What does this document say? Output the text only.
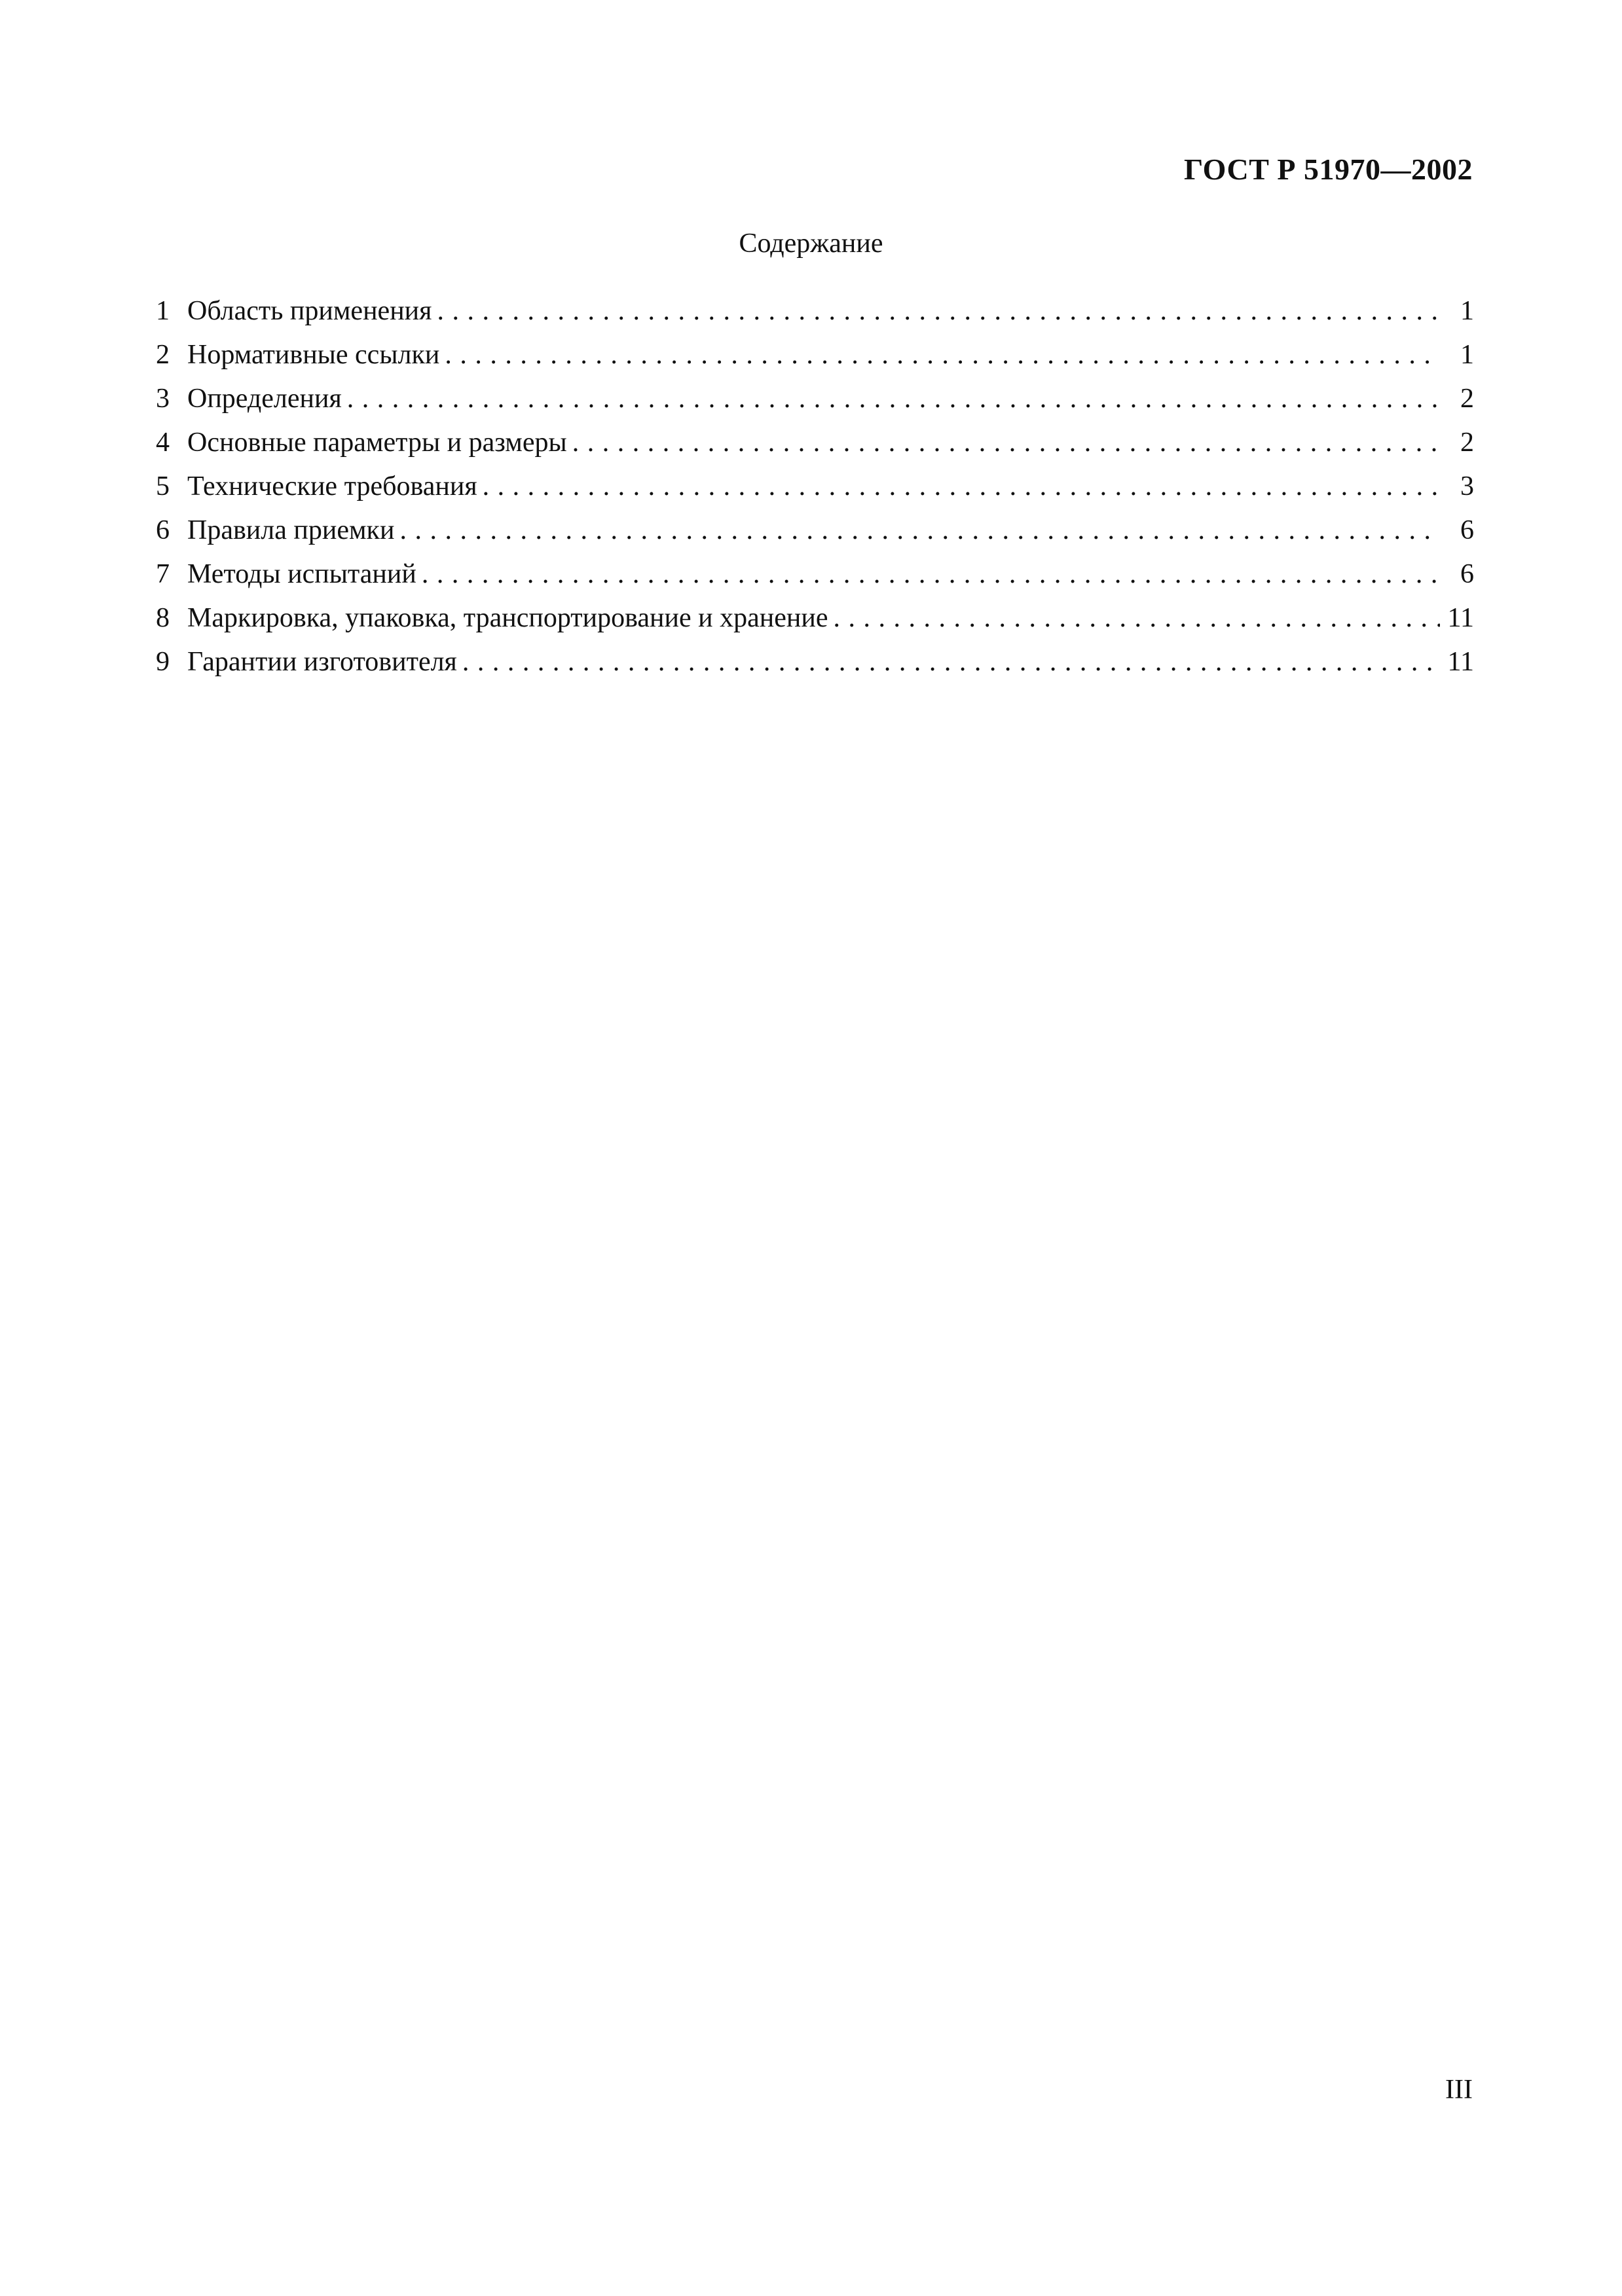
ГОСТ Р 51970—2002
Содержание
1 Область применения . . .	1
2 Нормативные ссылки . . .	1
3 Определения . . .	2
4 Основные параметры и размеры . . .	2
5 Технические требования . . .	3
6 Правила приемки . . .	6
7 Методы испытаний . . .	6
8 Маркировка, упаковка, транспортирование и хранение . . .	11
9 Гарантии изготовителя . . .	11
III
